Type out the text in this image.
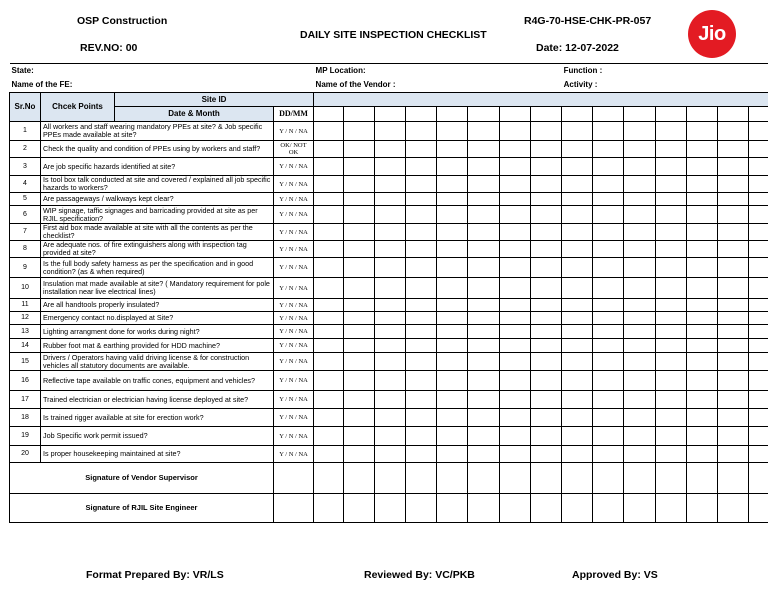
OSP Construction
REV.NO: 00
DAILY SITE INSPECTION CHECKLIST
R4G-70-HSE-CHK-PR-057
Date: 12-07-2022
Jio
State:				MP Location:								Function :						
Name of the FE:				Name of the Vendor :								Activity :						
Sr.No	Chcek Points	Site ID																
		Date & Month	DD/MM															
1	All workers and staff wearing mandatory PPEs at site? & Job specific PPEs made available at site?		Y / N / NA															
2	Check the quality and condition of PPEs using by workers and staff?		OK/ NOT OK															
3	Are job specific hazards identified at site?		Y / N / NA															
4	Is tool box talk conducted at site and covered / explained all job specific hazards to workers?		Y / N / NA															
5	Are passageways / walkways kept clear?		Y / N / NA															
6	WIP signage, taffic signages and barricading provided at site as per RJIL specification?		Y / N / NA															
7	First aid box made available at site with all the contents as per the checklist?		Y / N / NA															
8	Are adequate nos. of fire extinguishers along with inspection tag provided at site?		Y / N / NA															
9	Is the full body safety harness as per the specification and in good condition? (as & when required)		Y / N / NA															
10	Insulation mat made available at site? ( Mandatory requirement for pole installation near live electrical lines)		Y / N / NA															
11	Are all handtools properly insulated?		Y / N / NA															
12	Emergency contact no.displayed at Site?		Y / N / NA															
13	Lighting arrangment done for works during night?		Y / N / NA															
14	Rubber foot mat & earthing provided for HDD machine?		Y / N / NA															
15	Drivers / Operators having valid driving license & for construction vehicles all statutory documents are available.		Y / N / NA															
16	Reflective tape available on traffic cones, equipment and vehicles?		Y / N / NA															
17	Trained electrician or electrician having license deployed at site?		Y / N / NA															
18	Is trained rigger available at site for erection work?		Y / N / NA															
19	Job Specific work permit issued?		Y / N / NA															
20	Is proper housekeeping maintained at site?		Y / N / NA															
Signature of Vendor Supervisor																		
Signature of RJIL Site Engineer																		
Format Prepared By: VR/LS	Reviewed By: VC/PKB	Approved By: VS
